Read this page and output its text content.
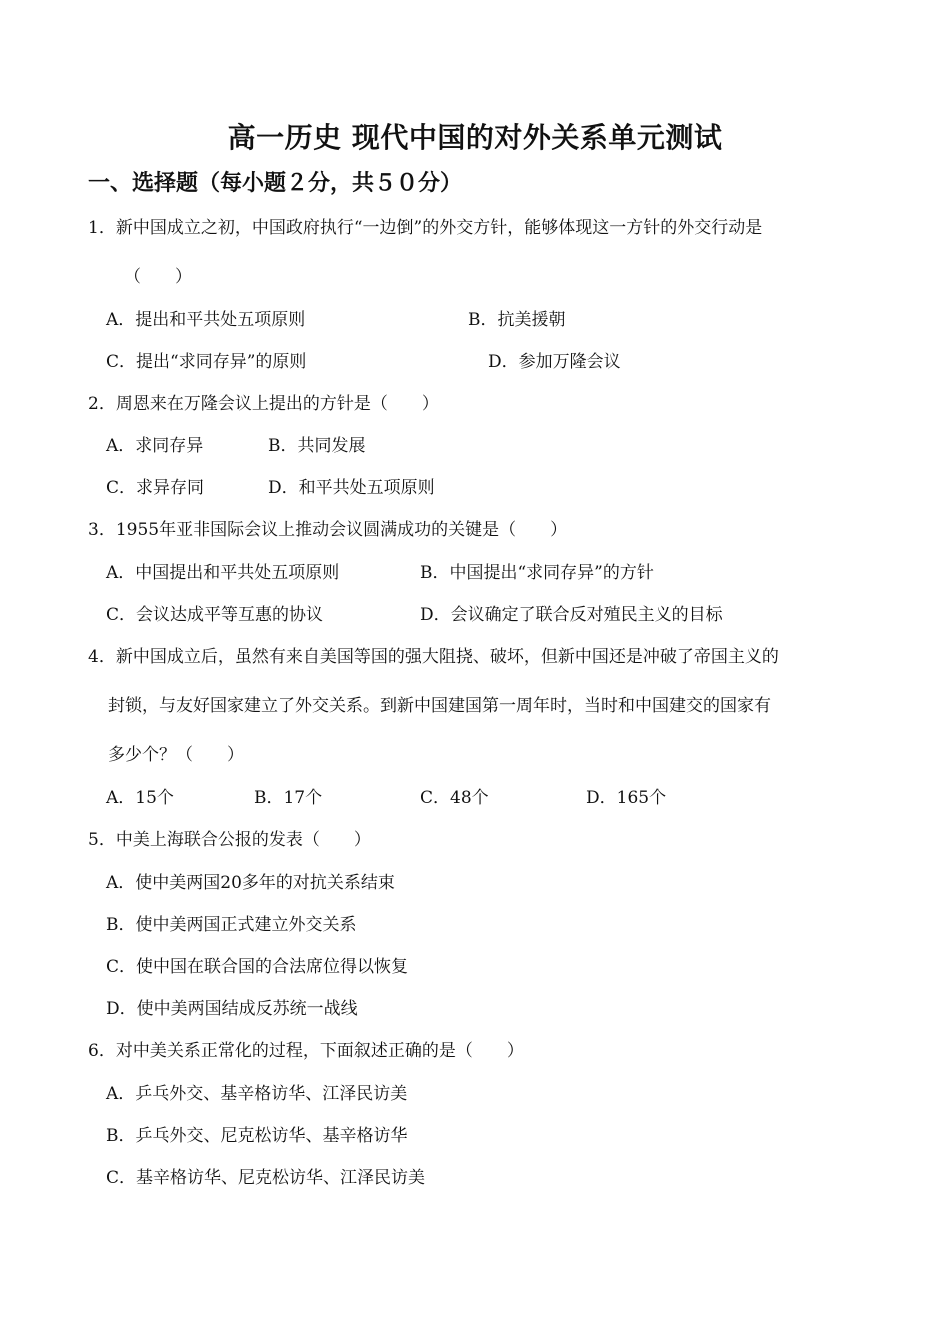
高一历史 现代中国的对外关系单元测试
一、选择题（每小题２分，共５０分）
1．新中国成立之初，中国政府执行“一边倒”的外交方针，能够体现这一方针的外交行动是
（　　）
A．提出和平共处五项原则	B．抗美援朝
C．提出“求同存异”的原则	D．参加万隆会议
2．周恩来在万隆会议上提出的方针是（　　）
A．求同存异	B．共同发展
C．求异存同	D．和平共处五项原则
3．1955年亚非国际会议上推动会议圆满成功的关键是（　　）
A．中国提出和平共处五项原则	B．中国提出“求同存异”的方针
C．会议达成平等互惠的协议	D．会议确定了联合反对殖民主义的目标
4．新中国成立后，虽然有来自美国等国的强大阻挠、破坏，但新中国还是冲破了帝国主义的
封锁，与友好国家建立了外交关系。到新中国建国第一周年时，当时和中国建交的国家有
多少个？（　　）
A．15个	B．17个	C．48个	D．165个
5．中美上海联合公报的发表（　　）
A．使中美两国20多年的对抗关系结束
B．使中美两国正式建立外交关系
C．使中国在联合国的合法席位得以恢复
D．使中美两国结成反苏统一战线
6．对中美关系正常化的过程，下面叙述正确的是（　　）
A．乒乓外交、基辛格访华、江泽民访美
B．乒乓外交、尼克松访华、基辛格访华
C．基辛格访华、尼克松访华、江泽民访美
